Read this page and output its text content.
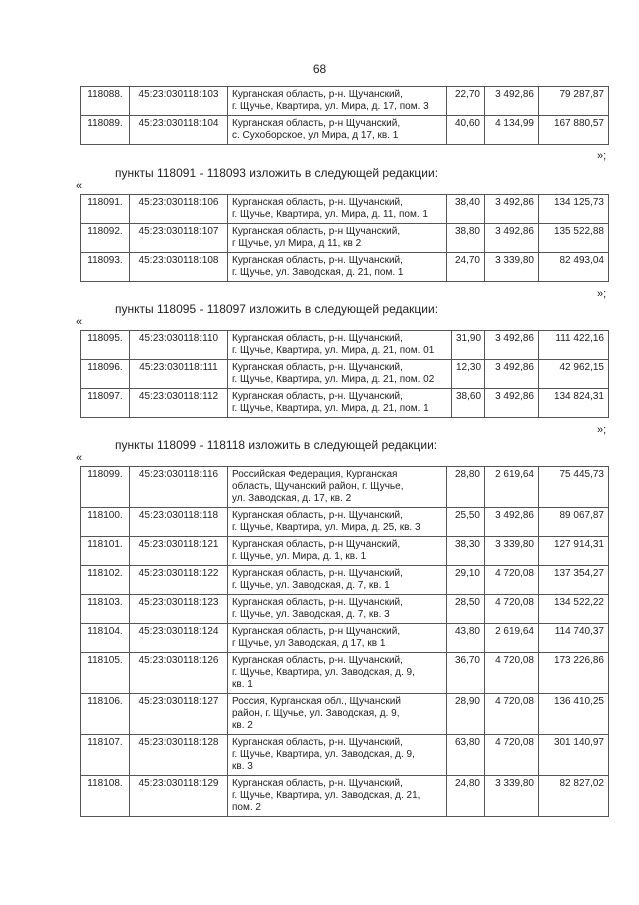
68
118088.	45:23:030118:103	Курганская область, р-н. Щучанский,
г. Щучье, Квартира, ул. Мира, д. 17, пом. 3	22,70	3 492,86	79 287,87
118089.	45:23:030118:104	Курганская область, р-н Щучанский,
с. Сухоборское, ул Мира, д 17, кв. 1	40,60	4 134,99	167 880,57
»;
пункты 118091 - 118093 изложить в следующей редакции:
«
118091.	45:23:030118:106	Курганская область, р-н. Щучанский,
г. Щучье, Квартира, ул. Мира, д. 11, пом. 1	38,40	3 492,86	134 125,73
118092.	45:23:030118:107	Курганская область, р-н Щучанский,
г Щучье, ул Мира, д 11, кв 2	38,80	3 492,86	135 522,88
118093.	45:23:030118:108	Курганская область, р-н. Щучанский,
г. Щучье, ул. Заводская, д. 21, пом. 1	24,70	3 339,80	82 493,04
»;
пункты 118095 - 118097 изложить в следующей редакции:
«
118095.	45:23:030118:110	Курганская область, р-н. Щучанский,
г. Щучье, Квартира, ул. Мира, д. 21, пом. 01	31,90	3 492,86	111 422,16
118096.	45:23:030118:111	Курганская область, р-н. Щучанский,
г. Щучье, Квартира, ул. Мира, д. 21, пом. 02	12,30	3 492,86	42 962,15
118097.	45:23:030118:112	Курганская область, р-н. Щучанский,
г. Щучье, Квартира, ул. Мира, д. 21, пом. 1	38,60	3 492,86	134 824,31
»;
пункты 118099 - 118118 изложить в следующей редакции:
«
118099.	45:23:030118:116	Российская Федерация, Курганская
область, Щучанский район, г. Щучье,
ул. Заводская, д. 17, кв. 2	28,80	2 619,64	75 445,73
118100.	45:23:030118:118	Курганская область, р-н. Щучанский,
г. Щучье, Квартира, ул. Мира, д. 25, кв. 3	25,50	3 492,86	89 067,87
118101.	45:23:030118:121	Курганская область, р-н Щучанский,
г. Щучье, ул. Мира, д. 1, кв. 1	38,30	3 339,80	127 914,31
118102.	45:23:030118:122	Курганская область, р-н. Щучанский,
г. Щучье, ул. Заводская, д. 7, кв. 1	29,10	4 720,08	137 354,27
118103.	45:23:030118:123	Курганская область, р-н. Щучанский,
г. Щучье, ул. Заводская, д. 7, кв. 3	28,50	4 720,08	134 522,22
118104.	45:23:030118:124	Курганская область, р-н Щучанский,
г Щучье, ул Заводская, д 17, кв 1	43,80	2 619,64	114 740,37
118105.	45:23:030118:126	Курганская область, р-н. Щучанский,
г. Щучье, Квартира, ул. Заводская, д. 9,
кв. 1	36,70	4 720,08	173 226,86
118106.	45:23:030118:127	Россия, Курганская обл., Щучанский
район, г. Щучье, ул. Заводская, д. 9,
кв. 2	28,90	4 720,08	136 410,25
118107.	45:23:030118:128	Курганская область, р-н. Щучанский,
г. Щучье, Квартира, ул. Заводская, д. 9,
кв. 3	63,80	4 720,08	301 140,97
118108.	45:23:030118:129	Курганская область, р-н. Щучанский,
г. Щучье, Квартира, ул. Заводская, д. 21,
пом. 2	24,80	3 339,80	82 827,02
